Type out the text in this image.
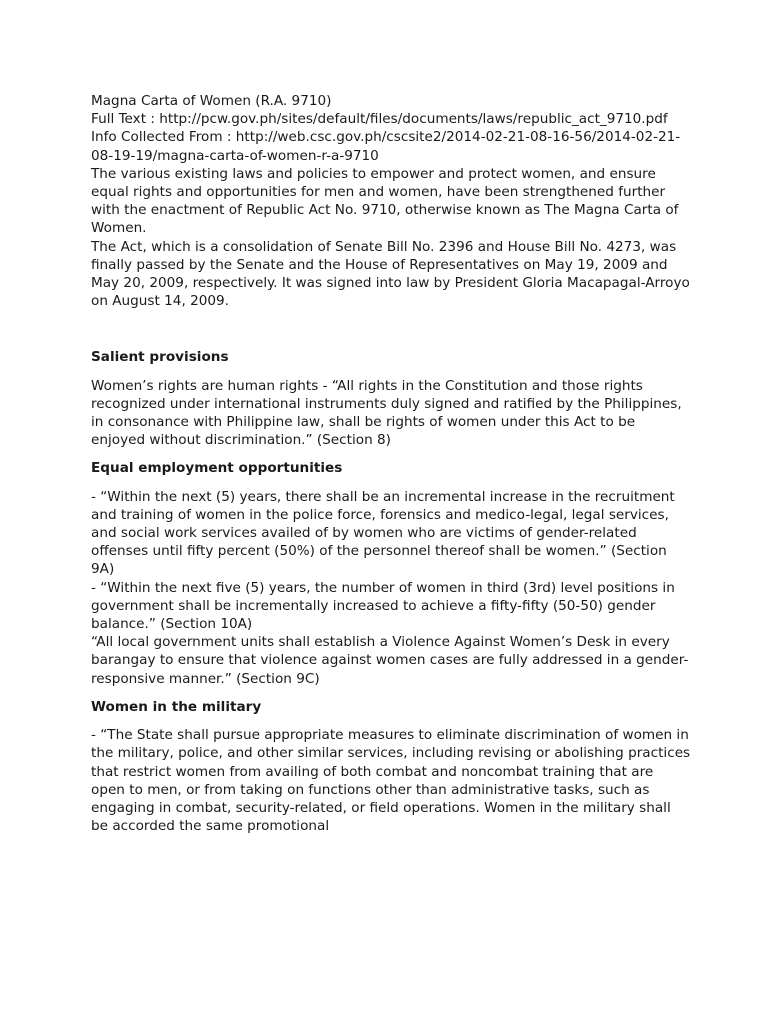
Magna Carta of Women (R.A. 9710)

Full Text : http://pcw.gov.ph/sites/default/files/documents/laws/republic_act_9710.pdf
Info Collected From : http://web.csc.gov.ph/cscsite2/2014-02-21-08-16-56/2014-02-21-08-19-19/magna-carta-of-women-r-a-9710

The various existing laws and policies to empower and protect women, and ensure equal rights and opportunities for men and women, have been strengthened further with the enactment of Republic Act No. 9710, otherwise known as The Magna Carta of Women.

The Act, which is a consolidation of Senate Bill No. 2396 and House Bill No. 4273, was finally passed by the Senate and the House of Representatives on May 19, 2009 and May 20, 2009, respectively. It was signed into law by President Gloria Macapagal-Arroyo on August 14, 2009.

Salient provisions

Women’s rights are human rights - “All rights in the Constitution and those rights recognized under international instruments duly signed and ratified by the Philippines, in consonance with Philippine law, shall be rights of women under this Act to be enjoyed without discrimination.” (Section 8)

Equal employment opportunities

- “Within the next (5) years, there shall be an incremental increase in the recruitment and training of women in the police force, forensics and medico-legal, legal services, and social work services availed of by women who are victims of gender-related offenses until fifty percent (50%) of the personnel thereof shall be women.” (Section 9A)

- “Within the next five (5) years, the number of women in third (3rd) level positions in government shall be incrementally increased to achieve a fifty-fifty (50-50) gender balance.” (Section 10A)

“All local government units shall establish a Violence Against Women’s Desk in every barangay to ensure that violence against women cases are fully addressed in a gender-responsive manner.” (Section 9C)

Women in the military

- “The State shall pursue appropriate measures to eliminate discrimination of women in the military, police, and other similar services, including revising or abolishing practices that restrict women from availing of both combat and noncombat training that are open to men, or from taking on functions other than administrative tasks, such as engaging in combat, security-related, or field operations. Women in the military shall be accorded the same promotional
